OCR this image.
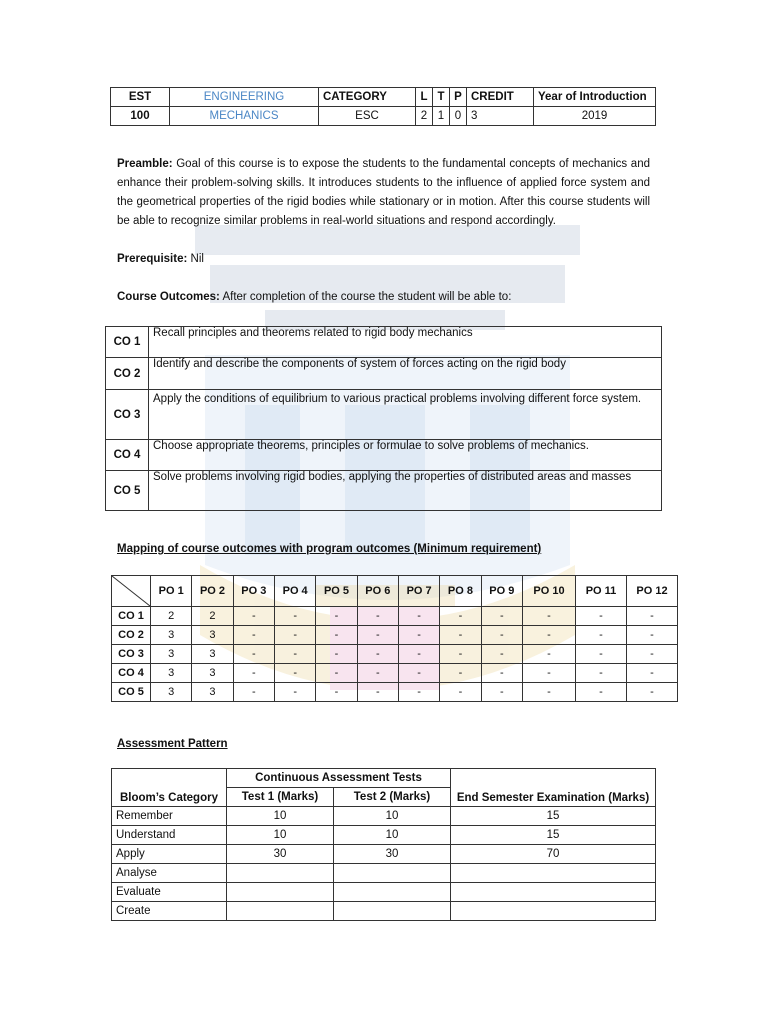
EST	ENGINEERING	CATEGORY	L	T	P	CREDIT	Year of Introduction
100	MECHANICS	ESC	2	1	0	3	2019
Preamble: Goal of this course is to expose the students to the fundamental concepts of mechanics and enhance their problem-solving skills. It introduces students to the influence of applied force system and the geometrical properties of the rigid bodies while stationary or in motion. After this course students will be able to recognize similar problems in real-world situations and respond accordingly.
Prerequisite: Nil
Course Outcomes: After completion of the course the student will be able to:
CO 1	Recall principles and theorems related to rigid body mechanics
CO 2	Identify and describe the components of system of forces acting on the rigid body
CO 3	Apply the conditions of equilibrium to various practical problems involving different force system.
CO 4	Choose appropriate theorems, principles or formulae to solve problems of mechanics.
CO 5	Solve problems involving rigid bodies, applying the properties of distributed areas and masses
Mapping of course outcomes with program outcomes (Minimum requirement)
	PO 1	PO 2	PO 3	PO 4	PO 5	PO 6	PO 7	PO 8	PO 9	PO 10	PO 11	PO 12
CO 1	2	2	-	-	-	-	-	-	-	-	-	-
CO 2	3	3	-	-	-	-	-	-	-	-	-	-
CO 3	3	3	-	-	-	-	-	-	-	-	-	-
CO 4	3	3	-	-	-	-	-	-	-	-	-	-
CO 5	3	3	-	-	-	-	-	-	-	-	-	-
Assessment Pattern
Bloom’s Category	Continuous Assessment Tests		End Semester Examination (Marks)
	Test 1 (Marks)	Test 2 (Marks)	
Remember	10	10	15
Understand	10	10	15
Apply	30	30	70
Analyse			
Evaluate			
Create			
